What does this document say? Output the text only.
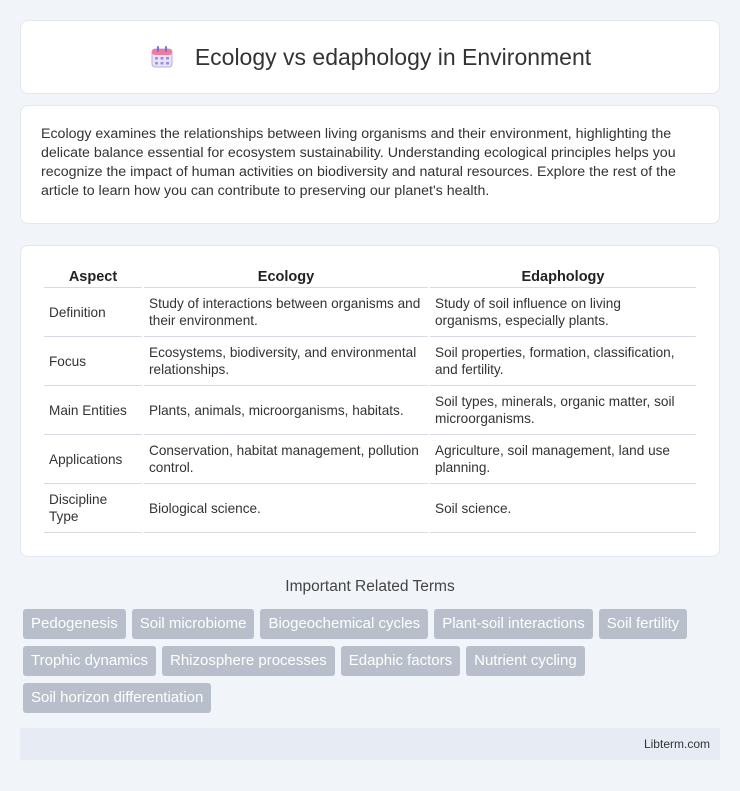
Ecology vs edaphology in Environment

Ecology examines the relationships between living organisms and their environment, highlighting the delicate balance essential for ecosystem sustainability. Understanding ecological principles helps you recognize the impact of human activities on biodiversity and natural resources. Explore the rest of the article to learn how you can contribute to preserving our planet's health.

Aspect	Ecology	Edaphology
Definition	Study of interactions between organisms and their environment.	Study of soil influence on living organisms, especially plants.
Focus	Ecosystems, biodiversity, and environmental relationships.	Soil properties, formation, classification, and fertility.
Main Entities	Plants, animals, microorganisms, habitats.	Soil types, minerals, organic matter, soil microorganisms.
Applications	Conservation, habitat management, pollution control.	Agriculture, soil management, land use planning.
Discipline Type	Biological science.	Soil science.
Important Related Terms
Pedogenesis	Soil microbiome	Biogeochemical cycles	Plant-soil interactions	Soil fertility
Trophic dynamics	Rhizosphere processes	Edaphic factors	Nutrient cycling
Soil horizon differentiation
Libterm.com
